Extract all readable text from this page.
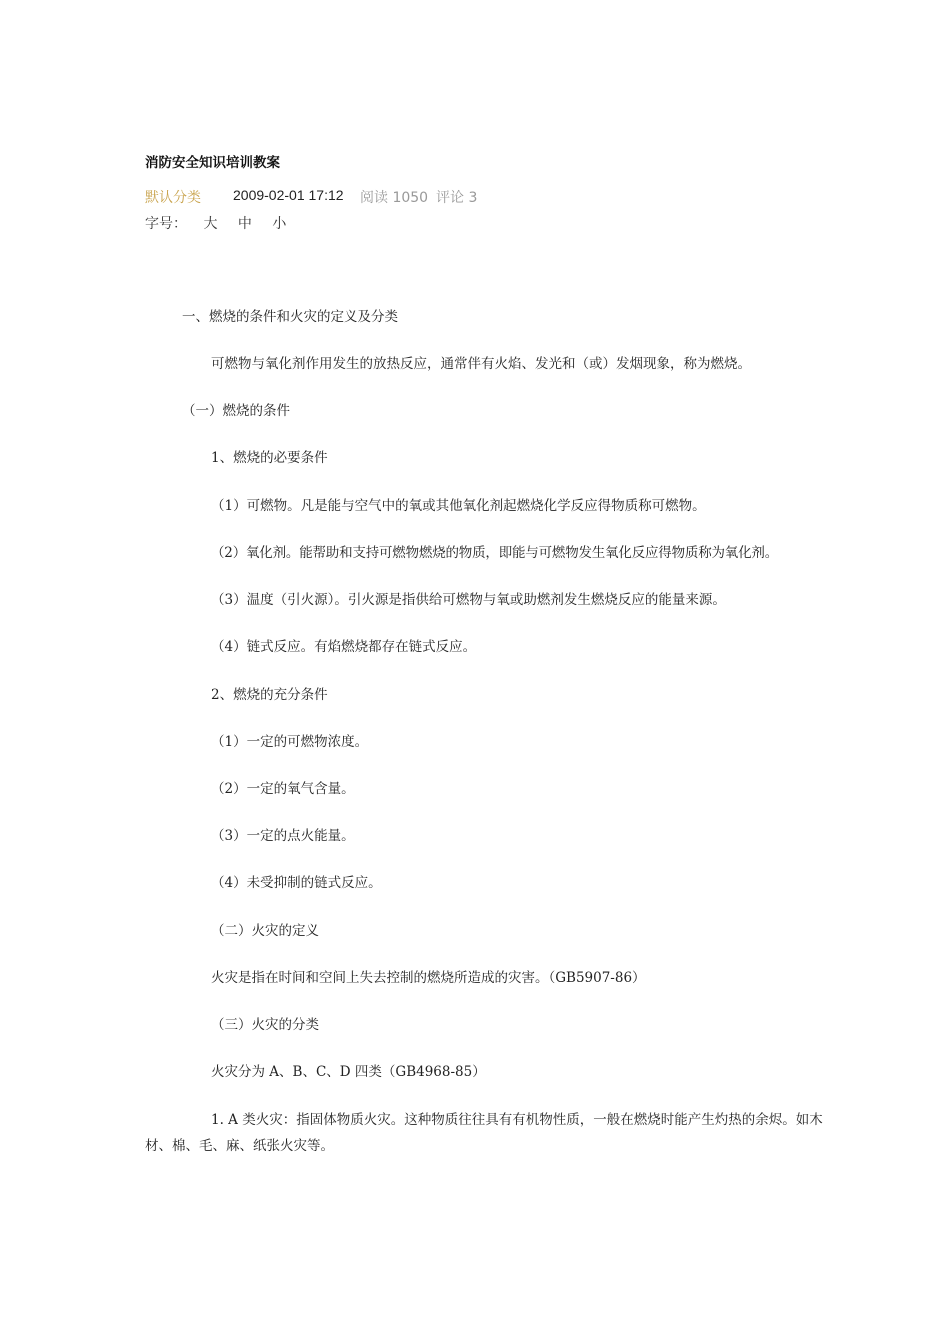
消防安全知识培训教案
默认分类 2009-02-01 17:12 阅读 1050 评论 3
字号： 大 中 小
一、燃烧的条件和火灾的定义及分类
可燃物与氧化剂作用发生的放热反应，通常伴有火焰、发光和（或）发烟现象，称为燃烧。
（一）燃烧的条件
1、燃烧的必要条件
（1）可燃物。凡是能与空气中的氧或其他氧化剂起燃烧化学反应得物质称可燃物。
（2）氧化剂。能帮助和支持可燃物燃烧的物质，即能与可燃物发生氧化反应得物质称为氧化剂。
（3）温度（引火源）。引火源是指供给可燃物与氧或助燃剂发生燃烧反应的能量来源。
（4）链式反应。有焰燃烧都存在链式反应。
2、燃烧的充分条件
（1）一定的可燃物浓度。
（2）一定的氧气含量。
（3）一定的点火能量。
（4）未受抑制的链式反应。
（二）火灾的定义
火灾是指在时间和空间上失去控制的燃烧所造成的灾害。（GB5907-86）
（三）火灾的分类
火灾分为 A、B、C、D 四类（GB4968-85）
1. A 类火灾：指固体物质火灾。这种物质往往具有有机物性质，一般在燃烧时能产生灼热的余烬。如木材、棉、毛、麻、纸张火灾等。
